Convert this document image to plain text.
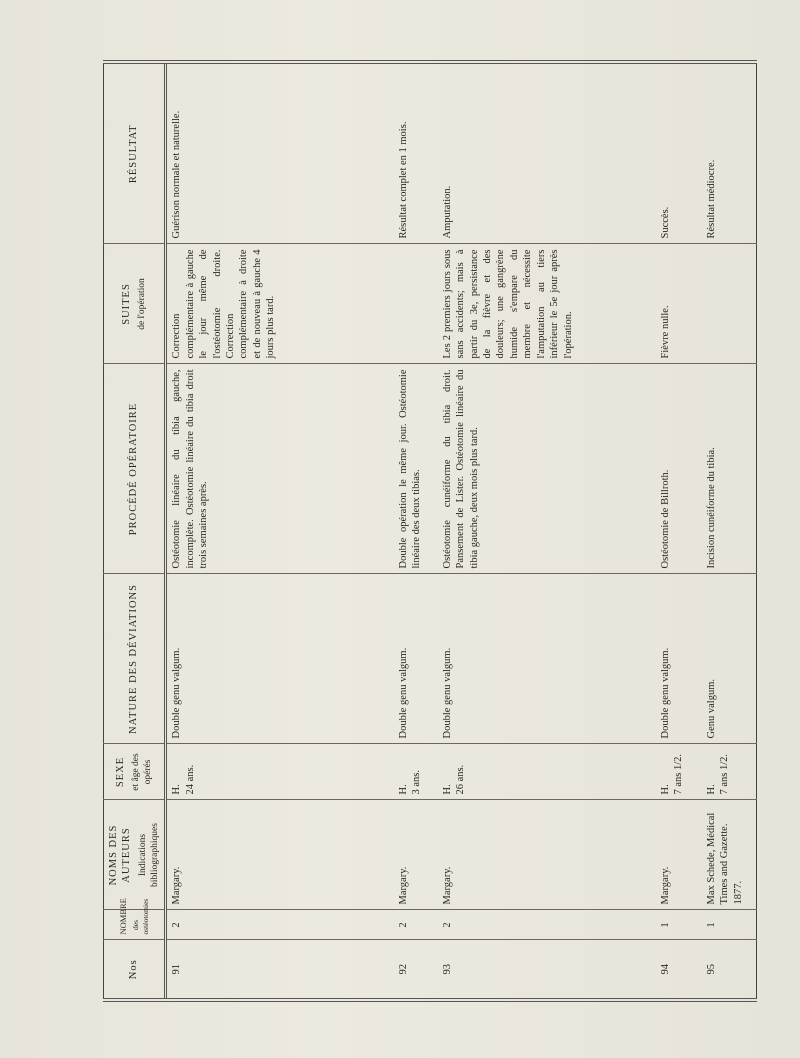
Nos	NOMBRE des ostéotomies	NOMS DES AUTEURS Indications bibliographiques	SEXE et âge des opérés	NATURE DES DÉVIATIONS	PROCÉDÉ OPÉRATOIRE	SUITES de l'opération	RÉSULTAT
91	2	Margary.	H. 24 ans.	Double genu valgum.	Ostéotomie linéaire du tibia gauche, incomplète. Ostéotomie linéaire du tibia droit trois semaines après.	Correction complémentaire à gauche le jour même de l'ostéotomie droite. Correction complémentaire à droite et de nouveau à gauche 4 jours plus tard.	Guérison normale et naturelle.
92	2	Margary.	H. 3 ans.	Double genu valgum.	Double opération le même jour. Ostéotomie linéaire des deux tibias.		Résultat complet en 1 mois.
93	2	Margary.	H. 26 ans.	Double genu valgum.	Ostéotomie cunéiforme du tibia droit. Pansement de Lister. Ostéotomie linéaire du tibia gauche, deux mois plus tard.	Les 2 premiers jours sous sans accidents; mais à partir du 3e, persistance de la fièvre et des douleurs; une gangrène humide s'empare du membre et nécessite l'amputation au tiers inférieur le 5e jour après l'opération.	Amputation.
94	1	Margary.	H. 7 ans 1/2.	Double genu valgum.	Ostéotomie de Billroth.	Fièvre nulle.	Succès.
95	1	Max Schede, Médical Times and Gazette. 1877.	H. 7 ans 1/2.	Genu valgum.	Incision cunéiforme du tibia.		Résultat médiocre.
